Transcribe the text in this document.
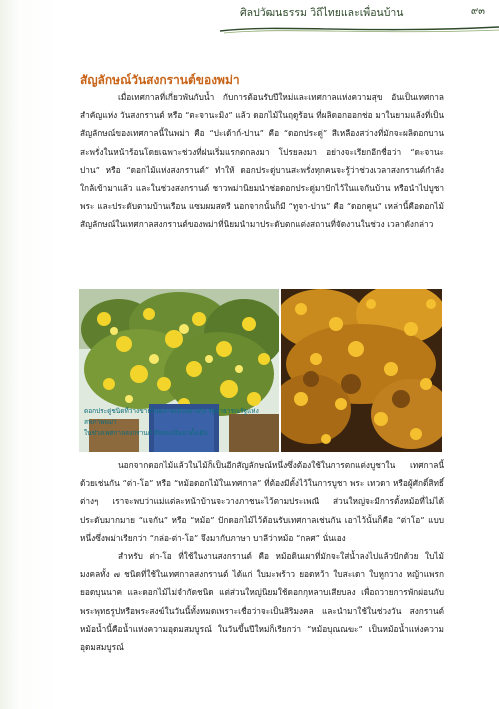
ศิลปวัฒนธรรม วิถีไทยและเพื่อนบ้าน	๙๓
สัญลักษณ์วันสงกรานต์ของพม่า

เมื่อเทศกาลที่เกี่ยวพันกับน้ำ กับการต้อนรับปีใหม่และเทศกาลแห่งความสุข อันเป็นเทศกาลสำคัญแห่ง วันสงกรานต์ หรือ “ตะจานะมิง” แล้ว ดอกไม้ในฤดูร้อน ที่ผลิดอกออกช่อ มาในยามแล้งที่เป็นสัญลักษณ์ของเทศกาลนี้ในพม่า คือ “ปะเด้าก์-ปาน” คือ “ดอกประดู่” สีเหลืองสว่างที่มักจะผลิดอกบานสะพรั่งในหน้าร้อนโดยเฉพาะช่วงที่ฝนเริ่มแรกตกลงมา โปรยลงมา อย่างจะเรียกอีกชื่อว่า “ดะจานะปาน” หรือ “ดอกไม้แห่งสงกรานต์” ทำให้ ดอกประดู่บานสะพรั่งทุกคนจะรู้ว่าช่วงเวลาสงกรานต์กำลังใกล้เข้ามาแล้ว และในช่วงสงกรานต์ ชาวพม่านิยมนำช่อดอกประดู่มาปักไว้ในแจกันบ้าน หรือนำไปบูชาพระ และประดับตามบ้านเรือน แซมผมสตรี นอกจากนั้นก็มี “ทูจา-ปาน” คือ “ดอกคูน” เหล่านี้คือดอกไม้ สัญลักษณ์ในเทศกาลสงกรานต์ของพม่าที่นิยมนำมาประดับตกแต่งสถานที่จัดงานในช่วง เวลาดังกล่าว

ดอกประดู่ชนิดที่ว่างขายในตลาดเมืองย่างกุ้ง รัฐสาธารณรัฐแห่งสหภาพพม่า
ในช่วงเทศกาลสงกรานต์ สิบสองปันนาดั้งเดิม

นอกจากดอกไม้แล้วในไม้ก็เป็นอีกสัญลักษณ์หนึ่งซึ่งต้องใช้ในการตกแต่งบูชาใน เทศกาลนี้ด้วยเช่นกัน “ต่า-โอ” หรือ “หม้อดอกไม้ในเทศกาล” ที่ต้องมีตั้งไว้ในการบูชา พระ เทวดา หรือผู้ศักดิ์สิทธิ์ต่างๆ เราจะพบว่าแม่แต่ละหน้าบ้านจะวางภาชนะไว้ตามประเพณี ส่วนใหญ่จะมีการตั้งหม้อที่ไม่ได้ประดับมากมาย “แจกัน” หรือ “หม้อ” ปักดอกไม้ไว้ต้อนรับเทศกาลเช่นกัน เอาไว้นั้นก็คือ “ต่าโอ” แบบหนึ่งซึ่งพม่าเรียกว่า “กล่อ-ต่า-โอ” จึงมากับภาษา บาลีว่าหม้อ “กลศ” นั่นเอง

สำหรับ ต่า-โอ ที่ใช้ในงานสงกรานต์ คือ หม้อดินเผาที่มักจะใส่น้ำลงไปแล้วปักด้วย ใบไม้มงคลทั้ง ๗ ชนิดที่ใช้ในเทศกาลสงกรานต์ ได้แก่ ใบมะพร้าว ยอดหว้า ใบสะเดา ใบหูกวาง หญ้าแพรก ยอดบุนนาค และดอกไม้ไม่จำกัดชนิด แต่ส่วนใหญ่นิยมใช้ดอกกุหลาบเสียบลง เพื่อถวายการพักผ่อนกับพระพุทธรูปหรือพระสงฆ์ในวันนี้ทั้งหมดเพราะเชื่อว่าจะเป็นสิริมงคล และนำมาใช้ในช่วงวัน สงกรานต์ หม้อน้ำนี้คือน้ำแห่งความอุดมสมบูรณ์ ในวันขึ้นปีใหม่ก็เรียกว่า “หม้อบุณณฆะ” เป็นหม้อน้ำแห่งความอุดมสมบูรณ์
